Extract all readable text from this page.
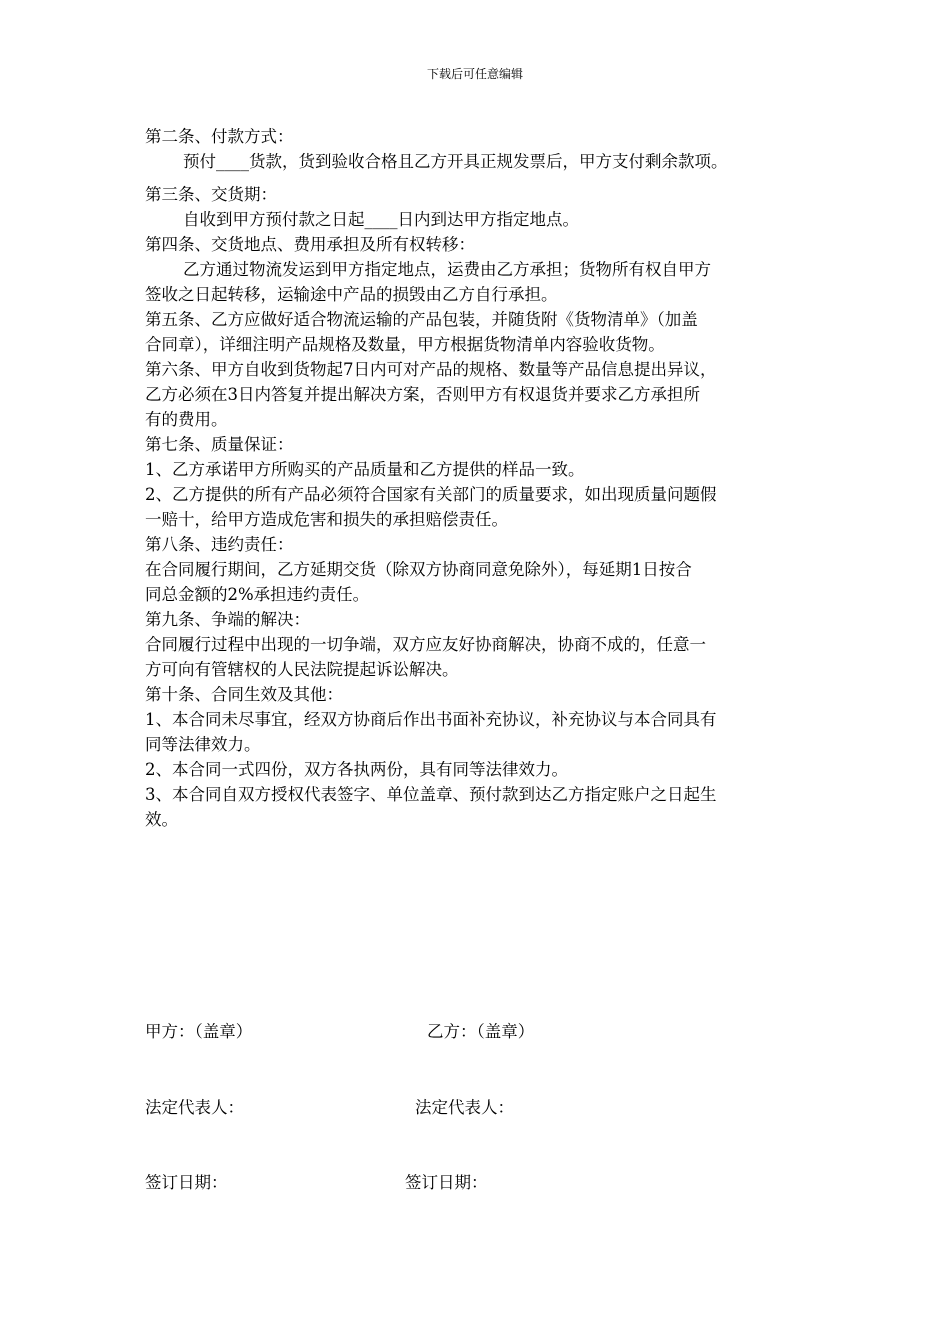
下载后可任意编辑
第二条、付款方式：
预付____货款，货到验收合格且乙方开具正规发票后，甲方支付剩余款项。
第三条、交货期：
自收到甲方预付款之日起____日内到达甲方指定地点。
第四条、交货地点、费用承担及所有权转移：
乙方通过物流发运到甲方指定地点，运费由乙方承担；货物所有权自甲方
签收之日起转移，运输途中产品的损毁由乙方自行承担。
第五条、乙方应做好适合物流运输的产品包装，并随货附《货物清单》（加盖
合同章），详细注明产品规格及数量，甲方根据货物清单内容验收货物。
第六条、甲方自收到货物起7日内可对产品的规格、数量等产品信息提出异议，
乙方必须在3日内答复并提出解决方案，否则甲方有权退货并要求乙方承担所
有的费用。
第七条、质量保证：
1、乙方承诺甲方所购买的产品质量和乙方提供的样品一致。
2、乙方提供的所有产品必须符合国家有关部门的质量要求，如出现质量问题假
一赔十，给甲方造成危害和损失的承担赔偿责任。
第八条、违约责任：
在合同履行期间，乙方延期交货（除双方协商同意免除外），每延期1日按合
同总金额的2%承担违约责任。
第九条、争端的解决：
合同履行过程中出现的一切争端，双方应友好协商解决，协商不成的，任意一
方可向有管辖权的人民法院提起诉讼解决。
第十条、合同生效及其他：
1、本合同未尽事宜，经双方协商后作出书面补充协议，补充协议与本合同具有
同等法律效力。
2、本合同一式四份，双方各执两份，具有同等法律效力。
3、本合同自双方授权代表签字、单位盖章、预付款到达乙方指定账户之日起生
效。
甲方：（盖章）	乙方：（盖章）
法定代表人：	法定代表人：
签订日期：	签订日期：
